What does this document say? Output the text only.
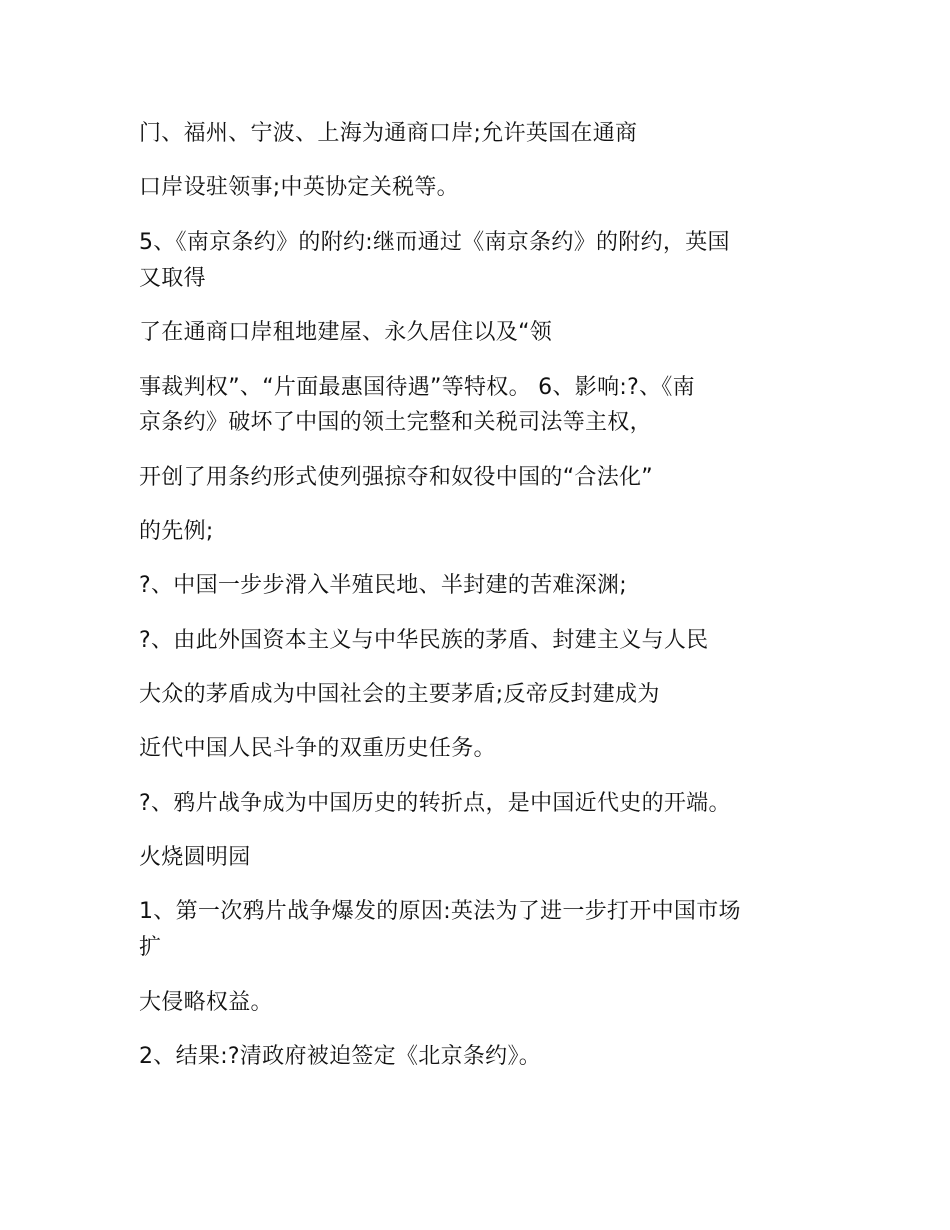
门、福州、宁波、上海为通商口岸;允许英国在通商
口岸设驻领事;中英协定关税等。
5、《南京条约》的附约:继而通过《南京条约》的附约，英国
又取得
了在通商口岸租地建屋、永久居住以及“领
事裁判权”、“片面最惠国待遇”等特权。 6、影响:?、《南
京条约》破坏了中国的领土完整和关税司法等主权，
开创了用条约形式使列强掠夺和奴役中国的“合法化”
的先例;
?、中国一步步滑入半殖民地、半封建的苦难深渊;
?、由此外国资本主义与中华民族的茅盾、封建主义与人民
大众的茅盾成为中国社会的主要茅盾;反帝反封建成为
近代中国人民斗争的双重历史任务。
?、鸦片战争成为中国历史的转折点，是中国近代史的开端。
火烧圆明园
1、第一次鸦片战争爆发的原因:英法为了进一步打开中国市场
扩
大侵略权益。
2、结果:?清政府被迫签定《北京条约》。
